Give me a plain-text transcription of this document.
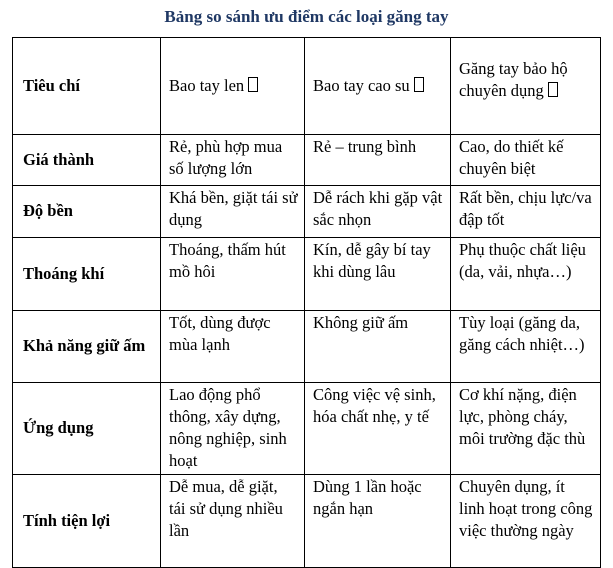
Bảng so sánh ưu điểm các loại găng tay
Tiêu chí	Bao tay len	Bao tay cao su	Găng tay bảo hộ chuyên dụng
Giá thành	Rẻ, phù hợp mua số lượng lớn	Rẻ – trung bình	Cao, do thiết kế chuyên biệt
Độ bền	Khá bền, giặt tái sử dụng	Dễ rách khi gặp vật sắc nhọn	Rất bền, chịu lực/va đập tốt
Thoáng khí	Thoáng, thấm hút mồ hôi	Kín, dễ gây bí tay khi dùng lâu	Phụ thuộc chất liệu (da, vải, nhựa…)
Khả năng giữ ấm	Tốt, dùng được mùa lạnh	Không giữ ấm	Tùy loại (găng da, găng cách nhiệt…)
Ứng dụng	Lao động phổ thông, xây dựng, nông nghiệp, sinh hoạt	Công việc vệ sinh, hóa chất nhẹ, y tế	Cơ khí nặng, điện lực, phòng cháy, môi trường đặc thù
Tính tiện lợi	Dễ mua, dễ giặt, tái sử dụng nhiều lần	Dùng 1 lần hoặc ngắn hạn	Chuyên dụng, ít linh hoạt trong công việc thường ngày
